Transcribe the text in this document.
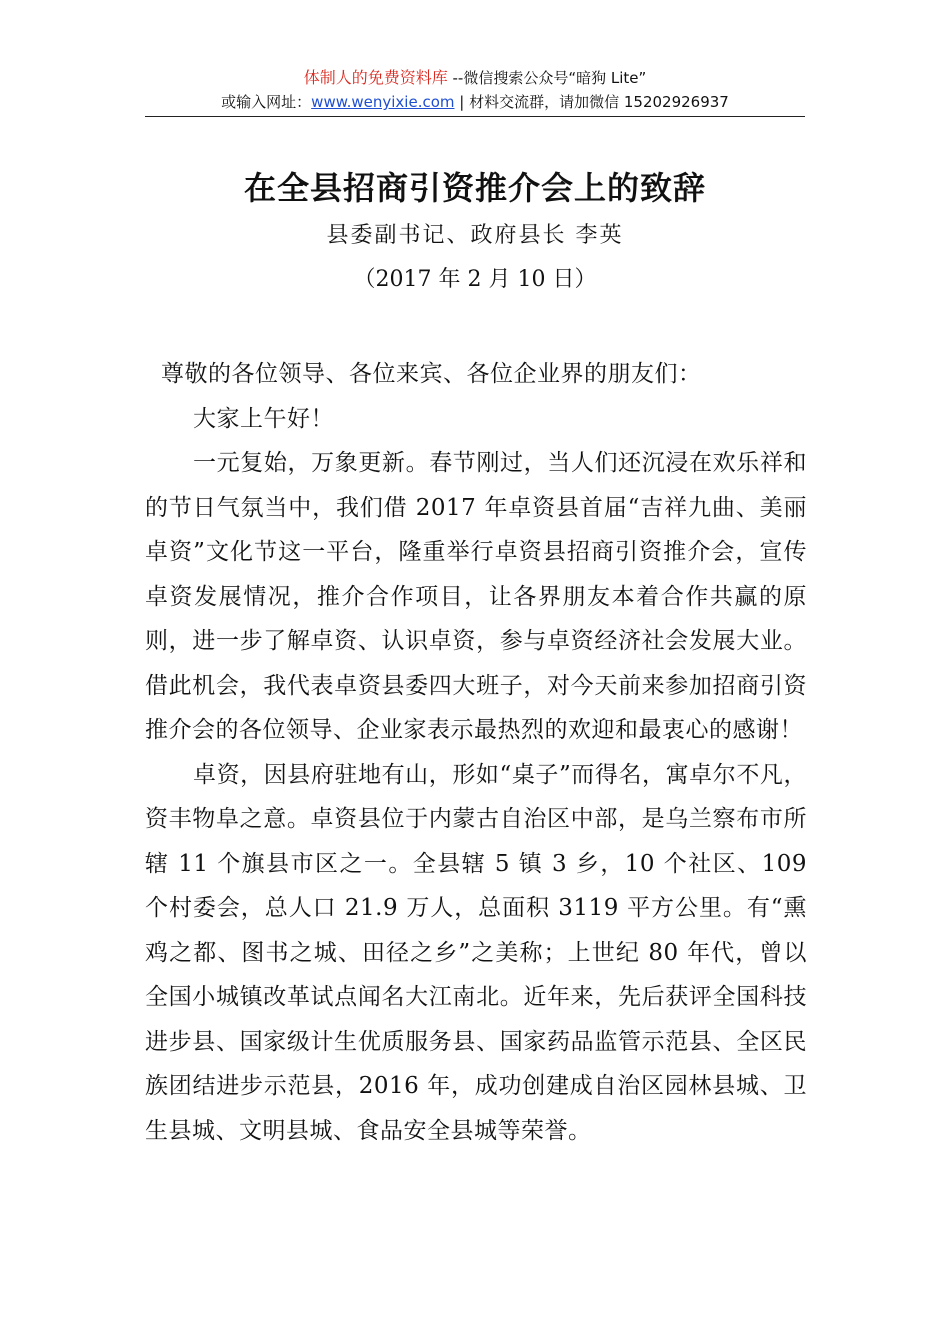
体制人的免费资料库 --微信搜索公众号“暗狗 Lite”
或输入网址：www.wenyixie.com | 材料交流群，请加微信 15202926937
在全县招商引资推介会上的致辞
县委副书记、政府县长 李英
（2017 年 2 月 10 日）

尊敬的各位领导、各位来宾、各位企业界的朋友们：

大家上午好！

一元复始，万象更新。春节刚过，当人们还沉浸在欢乐祥和的节日气氛当中，我们借 2017 年卓资县首届“吉祥九曲、美丽卓资”文化节这一平台，隆重举行卓资县招商引资推介会，宣传卓资发展情况，推介合作项目，让各界朋友本着合作共赢的原则，进一步了解卓资、认识卓资，参与卓资经济社会发展大业。借此机会，我代表卓资县委四大班子，对今天前来参加招商引资推介会的各位领导、企业家表示最热烈的欢迎和最衷心的感谢！

卓资，因县府驻地有山，形如“桌子”而得名，寓卓尔不凡，资丰物阜之意。卓资县位于内蒙古自治区中部，是乌兰察布市所辖 11 个旗县市区之一。全县辖 5 镇 3 乡，10 个社区、109 个村委会，总人口 21.9 万人，总面积 3119 平方公里。有“熏鸡之都、图书之城、田径之乡”之美称；上世纪 80 年代，曾以全国小城镇改革试点闻名大江南北。近年来，先后获评全国科技进步县、国家级计生优质服务县、国家药品监管示范县、全区民族团结进步示范县，2016 年，成功创建成自治区园林县城、卫生县城、文明县城、食品安全县城等荣誉。
